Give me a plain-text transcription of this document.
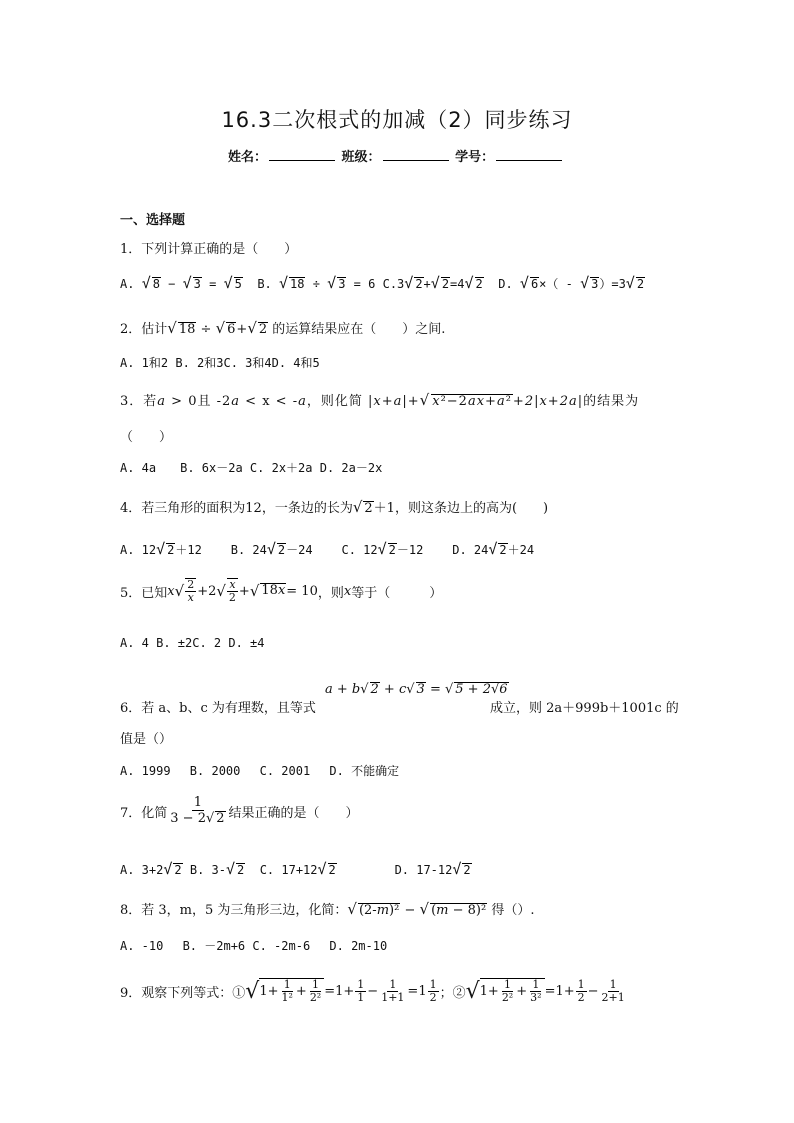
16.3二次根式的加减（2）同步练习
姓名：	班级：	学号：
一、选择题
1．下列计算正确的是（　　）
A. √ 8 − √ 3 = √ 5 B. √ 18 ÷ √ 3 = 6 C.3√ 2+√ 2=4√ 2 D. √ 6×（ - √ 3）=3√ 2
2．估计√ 18 ÷ √ 6+√ 2 的运算结果应在（　　）之间.
A. 1和2 B. 2和3C. 3和4D. 4和5
3．若a > 0且 -2a < x < -a，则化简 |x+a|+√ x²−2ax+a²+2|x+2a|的结果为
（　　）
A. 4a　　B. 6x－2a C. 2x＋2a D. 2a－2x
4．若三角形的面积为12，一条边的长为√ 2＋1，则这条边上的高为(　　)
A. 12√ 2＋12 B. 24√ 2－24 C. 12√ 2－12 D. 24√ 2＋24
5．已知 x √ $\frac{2}{x} +2$ √ $\frac{x}{2}$ + √ 18x = 10 ，则 x 等于（　　　）
A. 4 B. ±2C. 2 D. ±4
a + b√ 2 + c√ 3 = √ 5 + 2√6
6．若 a、b、c 为有理数，且等式	成立，则 2a＋999b＋1001c 的
值是（）
A. 1999　 B. 2000　 C. 2001　 D. 不能确定
7．化简 $\frac{1}{3 - 2√ 2}$ 结果正确的是（　　）
A. 3+2√ 2 B. 3-√ 2 C. 17+12√ 2	D. 17-12√ 2
8．若 3，m，5 为三角形三边，化简：√ (2-m)² − √ (m − 8)² 得（）.
A. -10　 B. －2m+6 C. -2m-6　 D. 2m-10
9．观察下列等式：① √ $1+ \frac{1}{\text{1²}} + \frac{1}{\text{2²}} =1+ \frac{1}{1} - \frac{1}{1+1} =1 \frac{1}{2}$ ；② √ $1+ \frac{1}{\text{2²}} + \frac{1}{\text{3²}} =1+ \frac{1}{2} - \frac{1}{2+1}$
